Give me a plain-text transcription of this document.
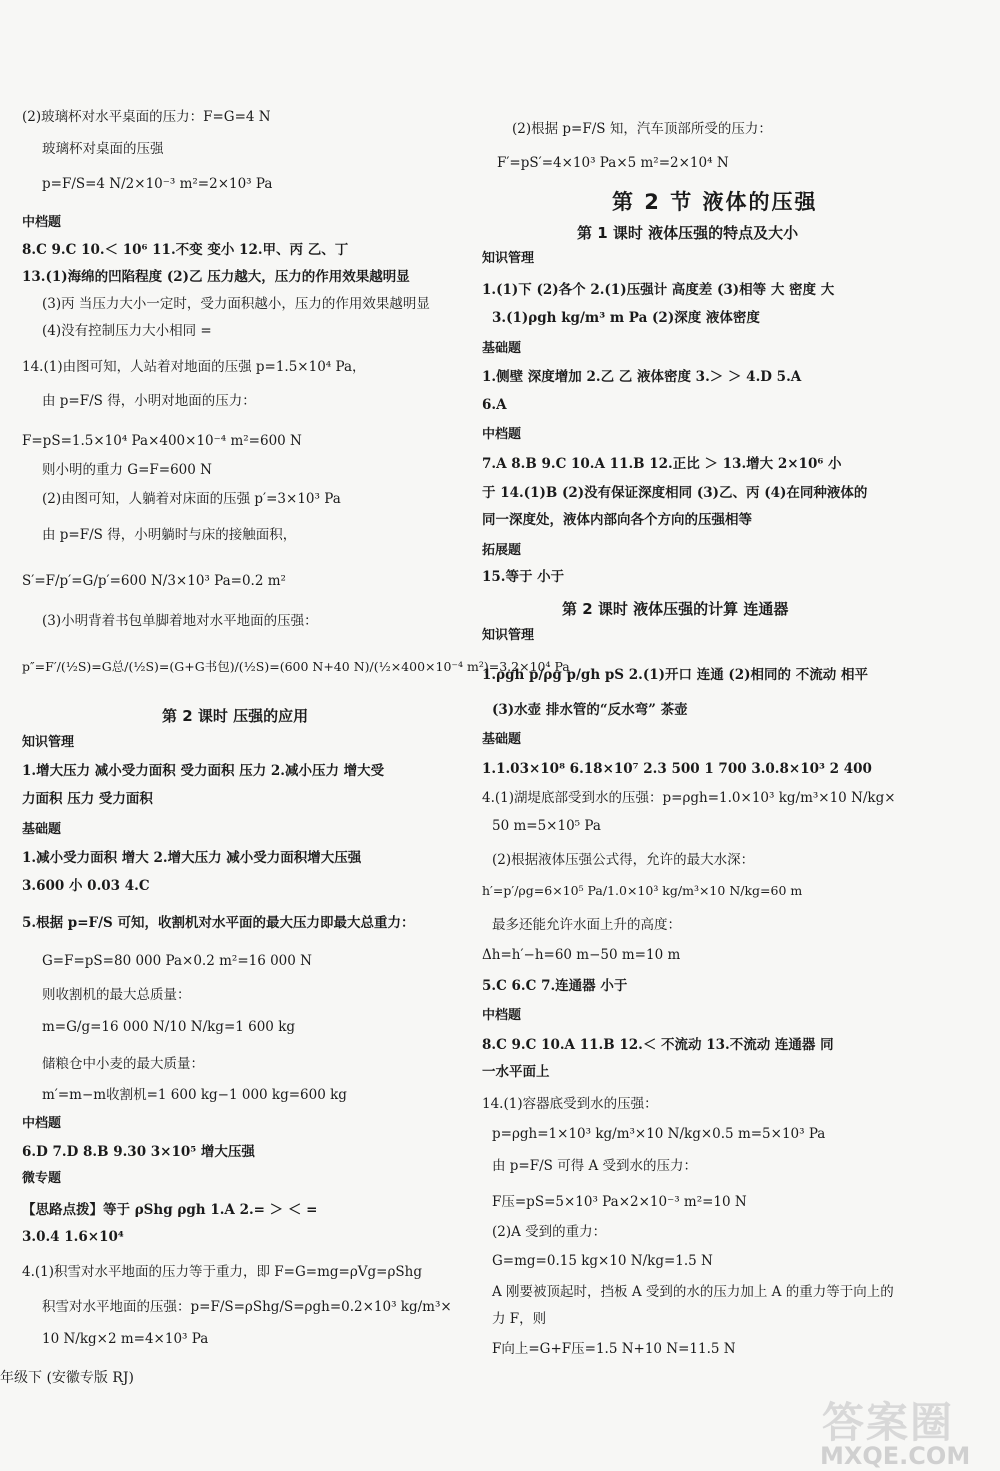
(2)玻璃杯对水平桌面的压力：F=G=4 N
玻璃杯对桌面的压强
p=F/S=4 N/2×10⁻³ m²=2×10³ Pa
中档题
8.C 9.C 10.＜ 10⁶ 11.不变 变小 12.甲、丙 乙、丁
13.(1)海绵的凹陷程度 (2)乙 压力越大，压力的作用效果越明显
(3)丙 当压力大小一定时，受力面积越小，压力的作用效果越明显
(4)没有控制压力大小相同 =
14.(1)由图可知，人站着对地面的压强 p=1.5×10⁴ Pa，
由 p=F/S 得，小明对地面的压力：
F=pS=1.5×10⁴ Pa×400×10⁻⁴ m²=600 N
则小明的重力 G=F=600 N
(2)由图可知，人躺着对床面的压强 p′=3×10³ Pa
由 p=F/S 得，小明躺时与床的接触面积，
S′=F/p′=G/p′=600 N/3×10³ Pa=0.2 m²
(3)小明背着书包单脚着地对水平地面的压强：
p″=F′/(½S)=G总/(½S)=(G+G书包)/(½S)=(600 N+40 N)/(½×400×10⁻⁴ m²)=3.2×10⁴ Pa
第 2 课时 压强的应用
知识管理
1.增大压力 减小受力面积 受力面积 压力 2.减小压力 增大受
力面积 压力 受力面积
基础题
1.减小受力面积 增大 2.增大压力 减小受力面积增大压强
3.600 小 0.03 4.C
5.根据 p=F/S 可知，收割机对水平面的最大压力即最大总重力：
G=F=pS=80 000 Pa×0.2 m²=16 000 N
则收割机的最大总质量：
m=G/g=16 000 N/10 N/kg=1 600 kg
储粮仓中小麦的最大质量：
m′=m−m收割机=1 600 kg−1 000 kg=600 kg
中档题
6.D 7.D 8.B 9.30 3×10⁵ 增大压强
微专题
【思路点拨】等于 ρShg ρgh 1.A 2.= ＞ ＜ =
3.0.4 1.6×10⁴
4.(1)积雪对水平地面的压力等于重力，即 F=G=mg=ρVg=ρShg
积雪对水平地面的压强：p=F/S=ρShg/S=ρgh=0.2×10³ kg/m³×
10 N/kg×2 m=4×10³ Pa
(2)根据 p=F/S 知，汽车顶部所受的压力：
F′=pS′=4×10³ Pa×5 m²=2×10⁴ N
第 2 节 液体的压强
第 1 课时 液体压强的特点及大小
知识管理
1.(1)下 (2)各个 2.(1)压强计 高度差 (3)相等 大 密度 大
3.(1)ρgh kg/m³ m Pa (2)深度 液体密度
基础题
1.侧壁 深度增加 2.乙 乙 液体密度 3.＞ ＞ 4.D 5.A
6.A
中档题
7.A 8.B 9.C 10.A 11.B 12.正比 ＞ 13.增大 2×10⁶ 小
于 14.(1)B (2)没有保证深度相同 (3)乙、丙 (4)在同种液体的
同一深度处，液体内部向各个方向的压强相等
拓展题
15.等于 小于
第 2 课时 液体压强的计算 连通器
知识管理
1.ρgh p/ρg p/gh pS 2.(1)开口 连通 (2)相同的 不流动 相平
(3)水壶 排水管的“反水弯” 茶壶
基础题
1.1.03×10⁸ 6.18×10⁷ 2.3 500 1 700 3.0.8×10³ 2 400
4.(1)湖堤底部受到水的压强：p=ρgh=1.0×10³ kg/m³×10 N/kg×
50 m=5×10⁵ Pa
(2)根据液体压强公式得，允许的最大水深：
h′=p′/ρg=6×10⁵ Pa/1.0×10³ kg/m³×10 N/kg=60 m
最多还能允许水面上升的高度：
Δh=h′−h=60 m−50 m=10 m
5.C 6.C 7.连通器 小于
中档题
8.C 9.C 10.A 11.B 12.＜ 不流动 13.不流动 连通器 同
一水平面上
14.(1)容器底受到水的压强：
p=ρgh=1×10³ kg/m³×10 N/kg×0.5 m=5×10³ Pa
由 p=F/S 可得 A 受到水的压力：
F压=pS=5×10³ Pa×2×10⁻³ m²=10 N
(2)A 受到的重力：
G=mg=0.15 kg×10 N/kg=1.5 N
A 刚要被顶起时，挡板 A 受到的水的压力加上 A 的重力等于向上的
力 F，则
F向上=G+F压=1.5 N+10 N=11.5 N
年级下 (安徽专版 RJ)
答案圈
MXQE.COM
